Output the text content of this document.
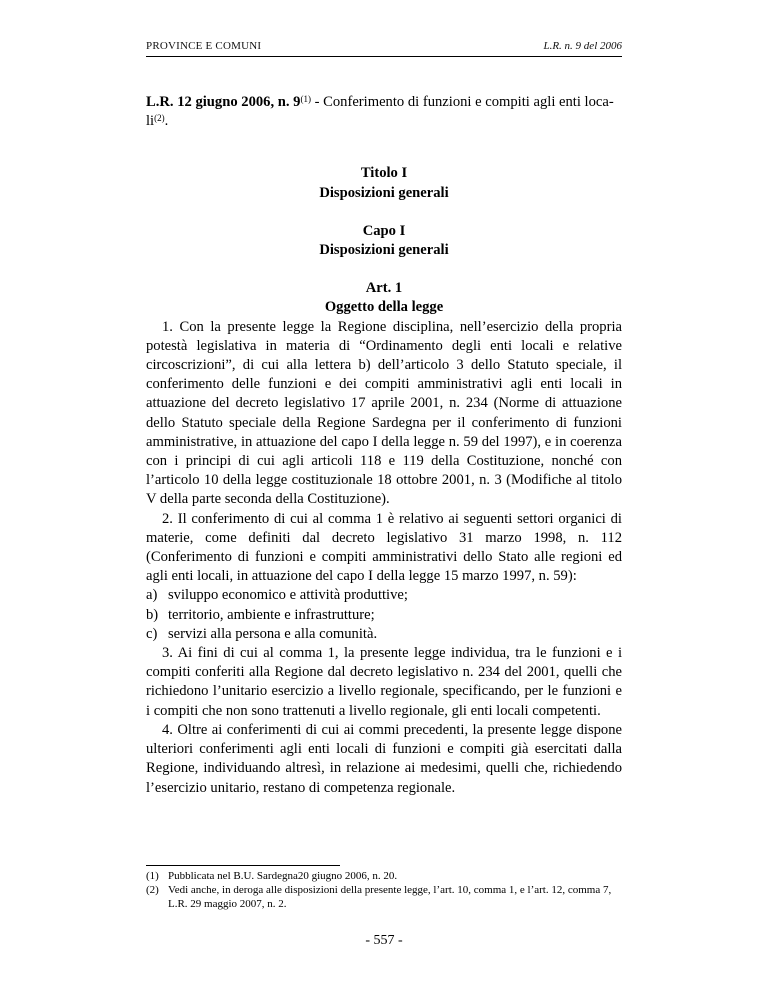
PROVINCE E COMUNI	L.R. n. 9 del 2006

L.R. 12 giugno 2006, n. 9$^{(1)}$ - Conferimento di funzioni e compiti agli enti loca-
li$^{(2)}$.

Titolo I
Disposizioni generali
Capo I
Disposizioni generali
Art. 1
Oggetto della legge

1. Con la presente legge la Regione disciplina, nell’esercizio della propria potestà legislativa in materia di “Ordinamento degli enti locali e relative circoscrizioni”, di cui alla lettera b) dell’articolo 3 dello Statuto speciale, il conferimento delle funzioni e dei compiti amministrativi agli enti locali in attuazione del decreto legislativo 17 aprile 2001, n. 234 (Norme di attuazione dello Statuto speciale della Regione Sardegna per il conferimento di funzioni amministrative, in attuazione del capo I della legge n. 59 del 1997), e in coerenza con i principi di cui agli articoli 118 e 119 della Costituzione, nonché con l’articolo 10 della legge costituzionale 18 ottobre 2001, n. 3 (Modifiche al titolo V della parte seconda della Costituzione).

2. Il conferimento di cui al comma 1 è relativo ai seguenti settori organici di materie, come definiti dal decreto legislativo 31 marzo 1998, n. 112 (Conferimento di funzioni e compiti amministrativi dello Stato alle regioni ed agli enti locali, in attuazione del capo I della legge 15 marzo 1997, n. 59):

a) sviluppo economico e attività produttive;
b) territorio, ambiente e infrastrutture;
c) servizi alla persona e alla comunità.

3. Ai fini di cui al comma 1, la presente legge individua, tra le funzioni e i compiti conferiti alla Regione dal decreto legislativo n. 234 del 2001, quelli che richiedono l’unitario esercizio a livello regionale, specificando, per le funzioni e i compiti che non sono trattenuti a livello regionale, gli enti locali competenti.

4. Oltre ai conferimenti di cui ai commi precedenti, la presente legge dispone ulteriori conferimenti agli enti locali di funzioni e compiti già esercitati dalla Regione, individuando altresì, in relazione ai medesimi, quelli che, richiedendo l’esercizio unitario, restano di competenza regionale.

(1) Pubblicata nel B.U. Sardegna20 giugno 2006, n. 20.
(2) Vedi anche, in deroga alle disposizioni della presente legge, l’art. 10, comma 1, e l’art. 12, comma 7, L.R. 29 maggio 2007, n. 2.
- 557 -
